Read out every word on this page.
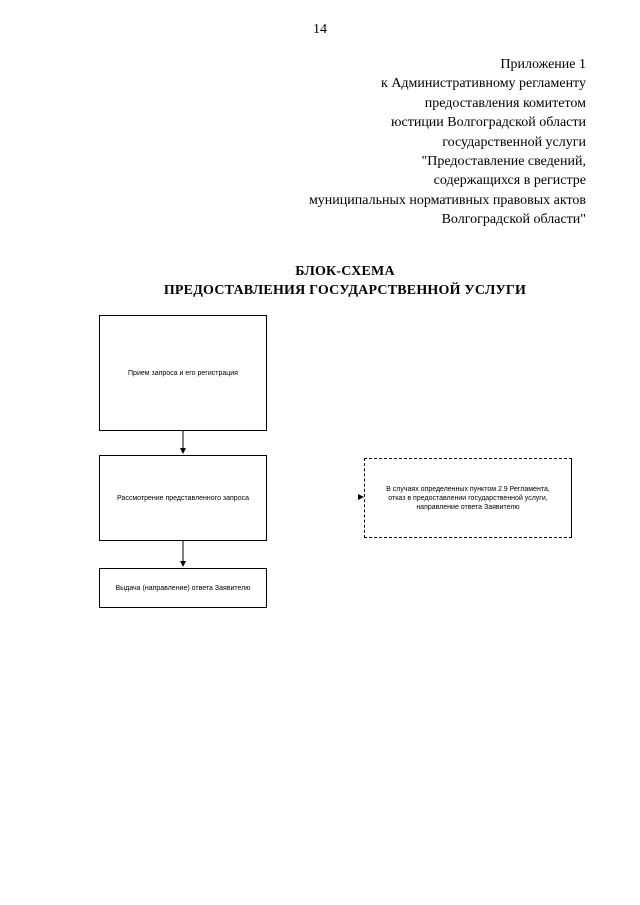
14
Приложение 1
к Административному регламенту
предоставления комитетом
юстиции Волгоградской области
государственной услуги
"Предоставление сведений,
содержащихся в регистре
муниципальных нормативных правовых актов
Волгоградской области"
БЛОК-СХЕМА
ПРЕДОСТАВЛЕНИЯ ГОСУДАРСТВЕННОЙ УСЛУГИ
Прием запроса и его регистрация
Рассмотрение представленного запроса
Выдача (направление) ответа Заявителю
В случаях определенных пунктом 2.9 Регламента,
отказ в предоставлении государственной услуги,
направление ответа Заявителю
